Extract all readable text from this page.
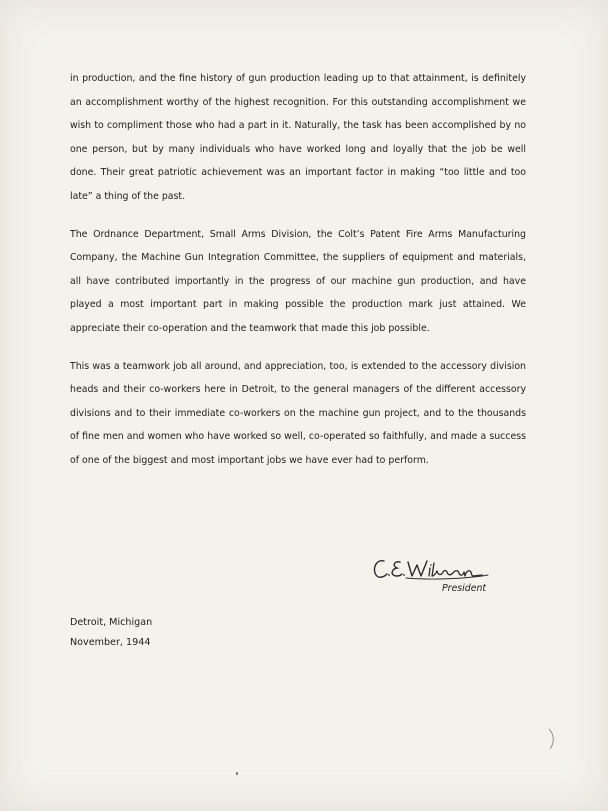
in production, and the fine history of gun production leading up to that attainment, is definitely an accomplishment worthy of the highest recognition. For this outstanding accomplishment we wish to compliment those who had a part in it. Naturally, the task has been accomplished by no one person, but by many individuals who have worked long and loyally that the job be well done. Their great patriotic achievement was an important factor in making “too little and too late” a thing of the past.

The Ordnance Department, Small Arms Division, the Colt’s Patent Fire Arms Manufacturing Company, the Machine Gun Integration Committee, the suppliers of equipment and materials, all have contributed importantly in the progress of our machine gun production, and have played a most important part in making possible the production mark just attained. We appreciate their co-operation and the teamwork that made this job possible.

This was a teamwork job all around, and appreciation, too, is extended to the accessory division heads and their co-workers here in Detroit, to the general managers of the different accessory divisions and to their immediate co-workers on the machine gun project, and to the thousands of fine men and women who have worked so well, co-operated so faithfully, and made a success of one of the biggest and most important jobs we have ever had to perform.

President
Detroit, Michigan
November, 1944
